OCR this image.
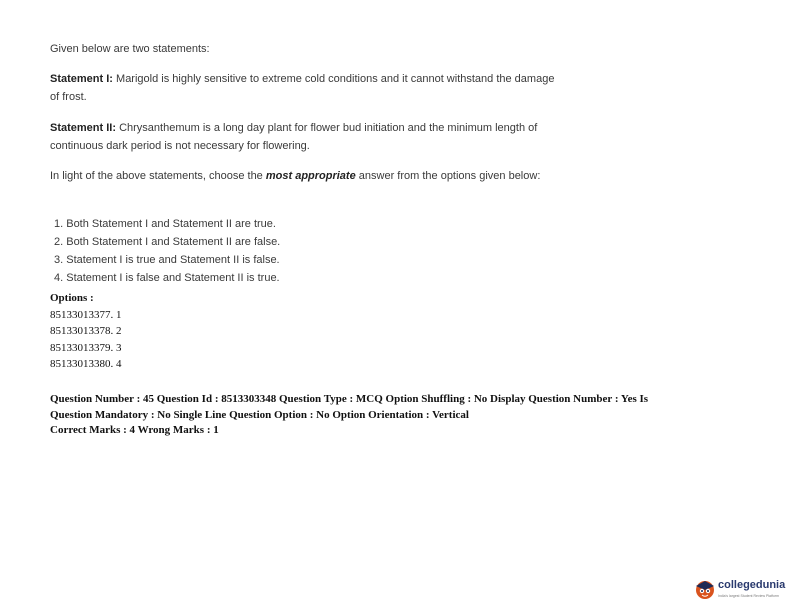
Given below are two statements:
Statement I: Marigold is highly sensitive to extreme cold conditions and it cannot withstand the damage of frost.
Statement II: Chrysanthemum is a long day plant for flower bud initiation and the minimum length of continuous dark period is not necessary for flowering.
In light of the above statements, choose the most appropriate answer from the options given below:
1. Both Statement I and Statement II are true.
2. Both Statement I and Statement II are false.
3. Statement I is true and Statement II is false.
4. Statement I is false and Statement II is true.
Options :
85133013377. 1
85133013378. 2
85133013379. 3
85133013380. 4
Question Number : 45 Question Id : 8513303348 Question Type : MCQ Option Shuffling : No Display Question Number : Yes Is
Question Mandatory : No Single Line Question Option : No Option Orientation : Vertical
Correct Marks : 4 Wrong Marks : 1
collegedunia
India's largest Student Review Platform
